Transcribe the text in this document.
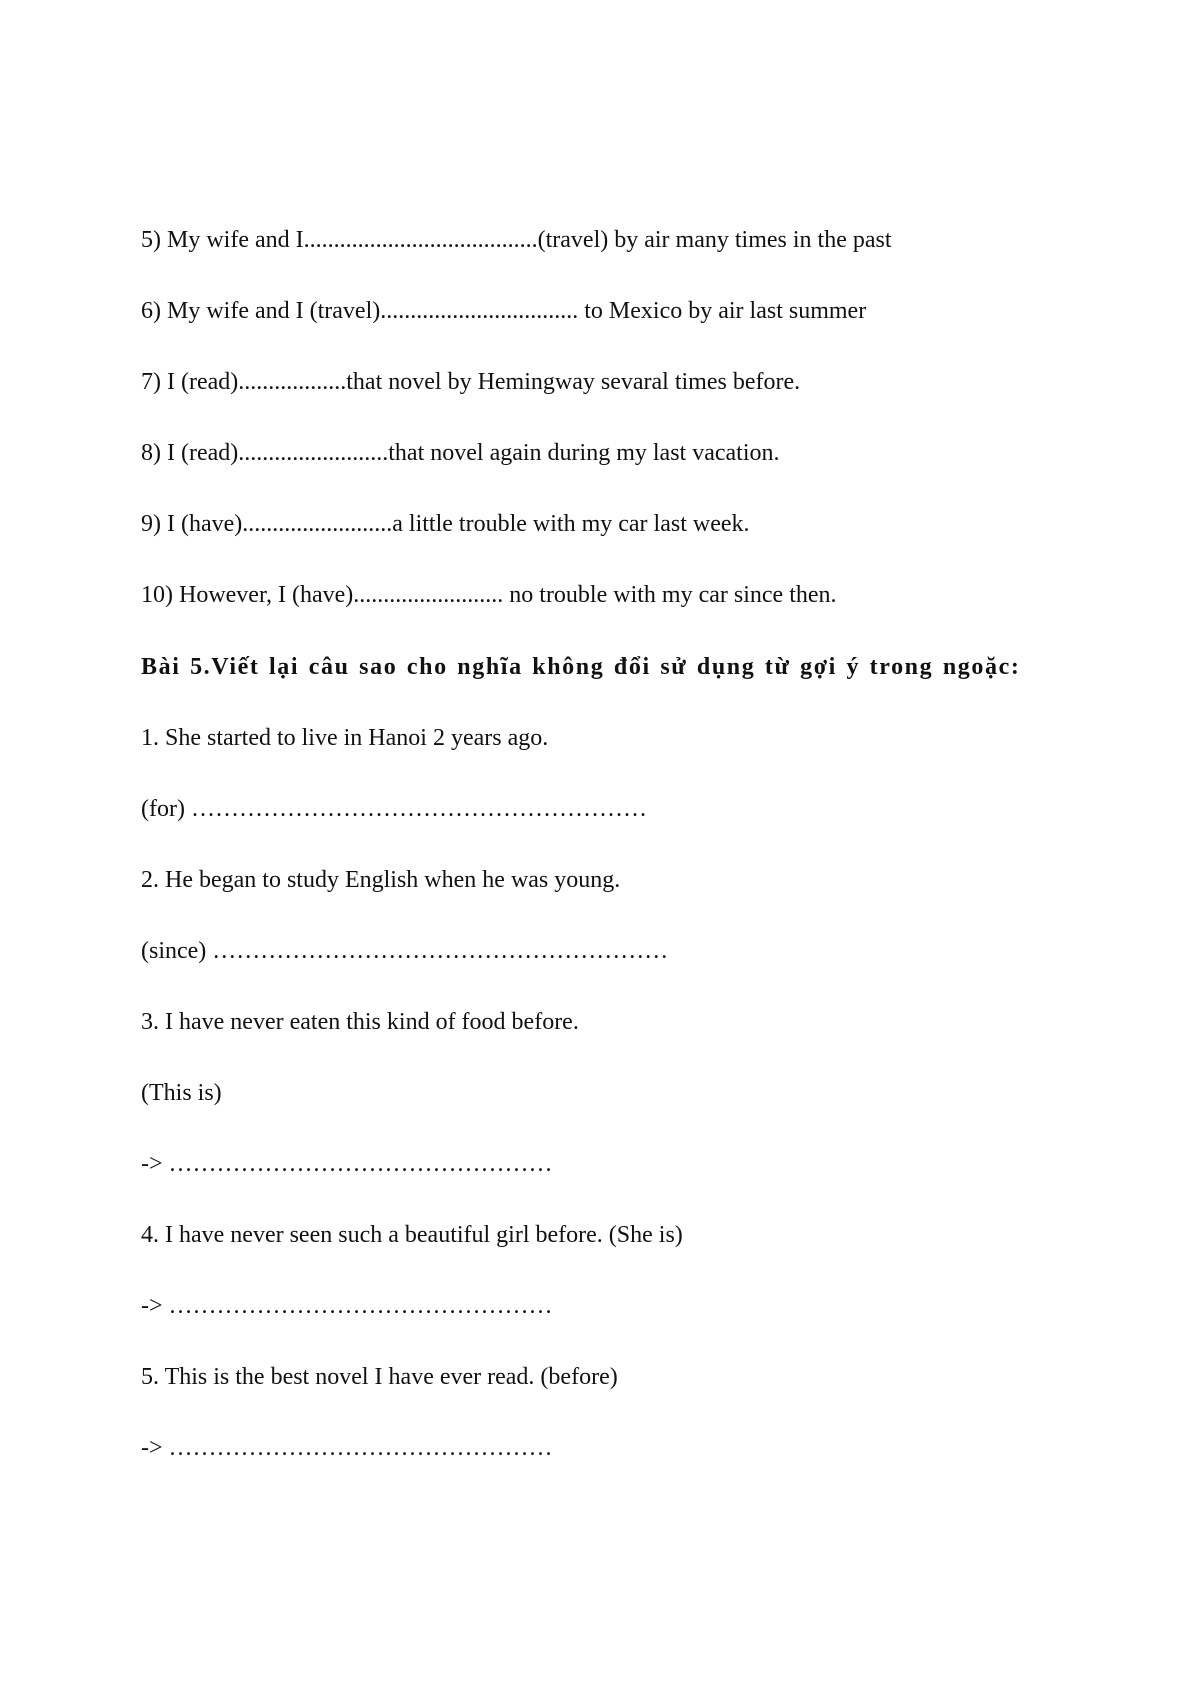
5) My wife and I.......................................(travel) by air many times in the past
6) My wife and I (travel)................................. to Mexico by air last summer
7) I (read)..................that novel by Hemingway sevaral times before.
8) I (read).........................that novel again during my last vacation.
9) I (have).........................a little trouble with my car last week.
10) However, I (have)......................... no trouble with my car since then.
Bài 5.Viết lại câu sao cho nghĩa không đổi sử dụng từ gợi ý trong ngoặc:
1. She started to live in Hanoi 2 years ago.
(for) …………………………………………………
2. He began to study English when he was young.
(since) …………………………………………………
3. I have never eaten this kind of food before.
(This is)
-> …………………………………………
4. I have never seen such a beautiful girl before. (She is)
-> …………………………………………
5. This is the best novel I have ever read. (before)
-> …………………………………………
